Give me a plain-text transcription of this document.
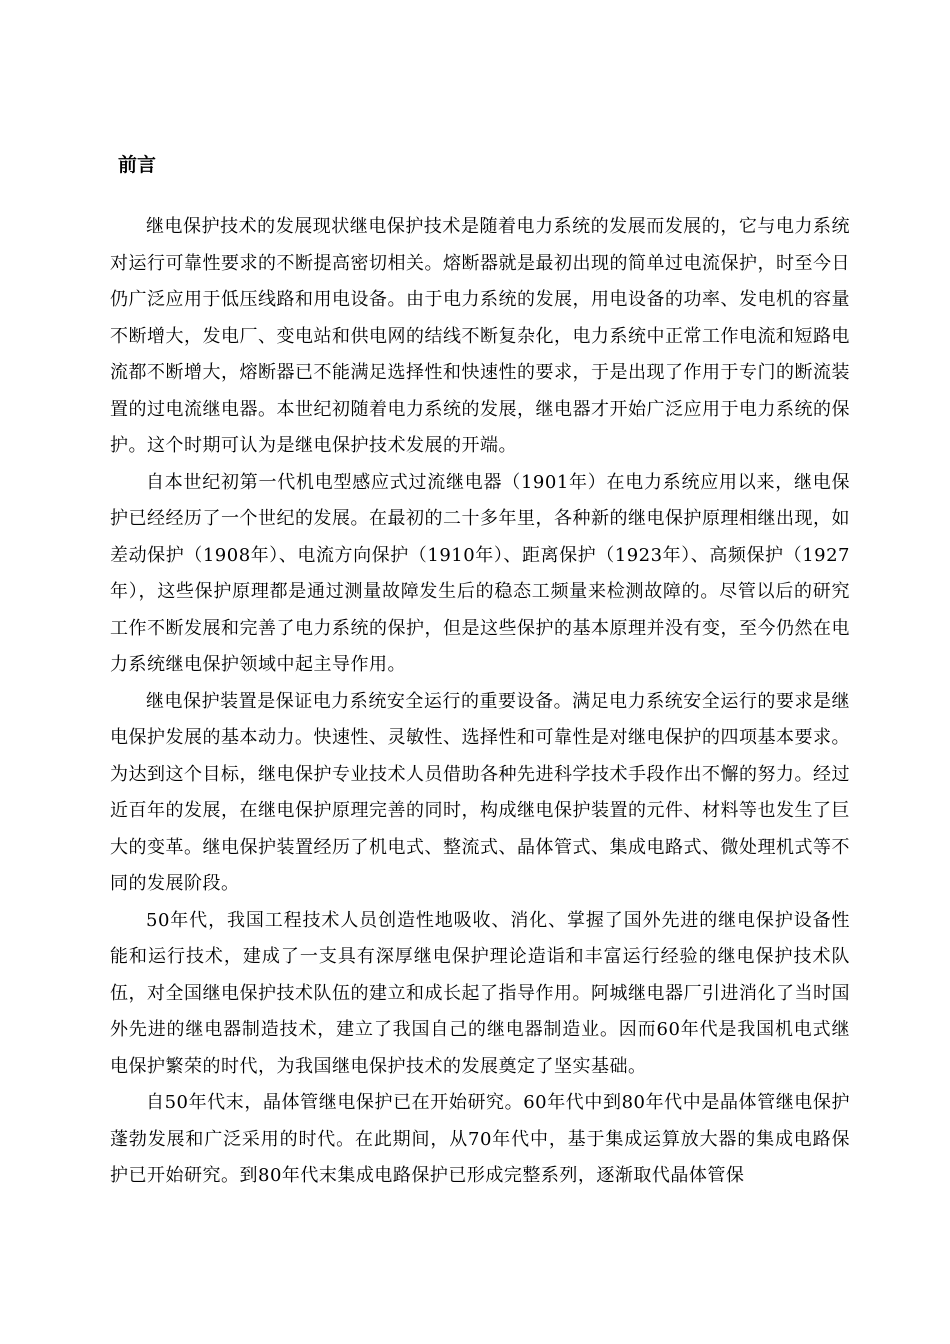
前言

继电保护技术的发展现状继电保护技术是随着电力系统的发展而发展的，它与电力系统对运行可靠性要求的不断提高密切相关。熔断器就是最初出现的简单过电流保护，时至今日仍广泛应用于低压线路和用电设备。由于电力系统的发展，用电设备的功率、发电机的容量不断增大，发电厂、变电站和供电网的结线不断复杂化，电力系统中正常工作电流和短路电流都不断增大，熔断器已不能满足选择性和快速性的要求，于是出现了作用于专门的断流装置的过电流继电器。本世纪初随着电力系统的发展，继电器才开始广泛应用于电力系统的保护。这个时期可认为是继电保护技术发展的开端。

自本世纪初第一代机电型感应式过流继电器（1901年）在电力系统应用以来，继电保护已经经历了一个世纪的发展。在最初的二十多年里，各种新的继电保护原理相继出现，如差动保护（1908年）、电流方向保护（1910年）、距离保护（1923年）、高频保护（1927年），这些保护原理都是通过测量故障发生后的稳态工频量来检测故障的。尽管以后的研究工作不断发展和完善了电力系统的保护，但是这些保护的基本原理并没有变，至今仍然在电力系统继电保护领域中起主导作用。

继电保护装置是保证电力系统安全运行的重要设备。满足电力系统安全运行的要求是继电保护发展的基本动力。快速性、灵敏性、选择性和可靠性是对继电保护的四项基本要求。为达到这个目标，继电保护专业技术人员借助各种先进科学技术手段作出不懈的努力。经过近百年的发展，在继电保护原理完善的同时，构成继电保护装置的元件、材料等也发生了巨大的变革。继电保护装置经历了机电式、整流式、晶体管式、集成电路式、微处理机式等不同的发展阶段。

50年代，我国工程技术人员创造性地吸收、消化、掌握了国外先进的继电保护设备性能和运行技术，建成了一支具有深厚继电保护理论造诣和丰富运行经验的继电保护技术队伍，对全国继电保护技术队伍的建立和成长起了指导作用。阿城继电器厂引进消化了当时国外先进的继电器制造技术，建立了我国自己的继电器制造业。因而60年代是我国机电式继电保护繁荣的时代，为我国继电保护技术的发展奠定了坚实基础。

自50年代末，晶体管继电保护已在开始研究。60年代中到80年代中是晶体管继电保护蓬勃发展和广泛采用的时代。在此期间，从70年代中，基于集成运算放大器的集成电路保护已开始研究。到80年代末集成电路保护已形成完整系列，逐渐取代晶体管保
